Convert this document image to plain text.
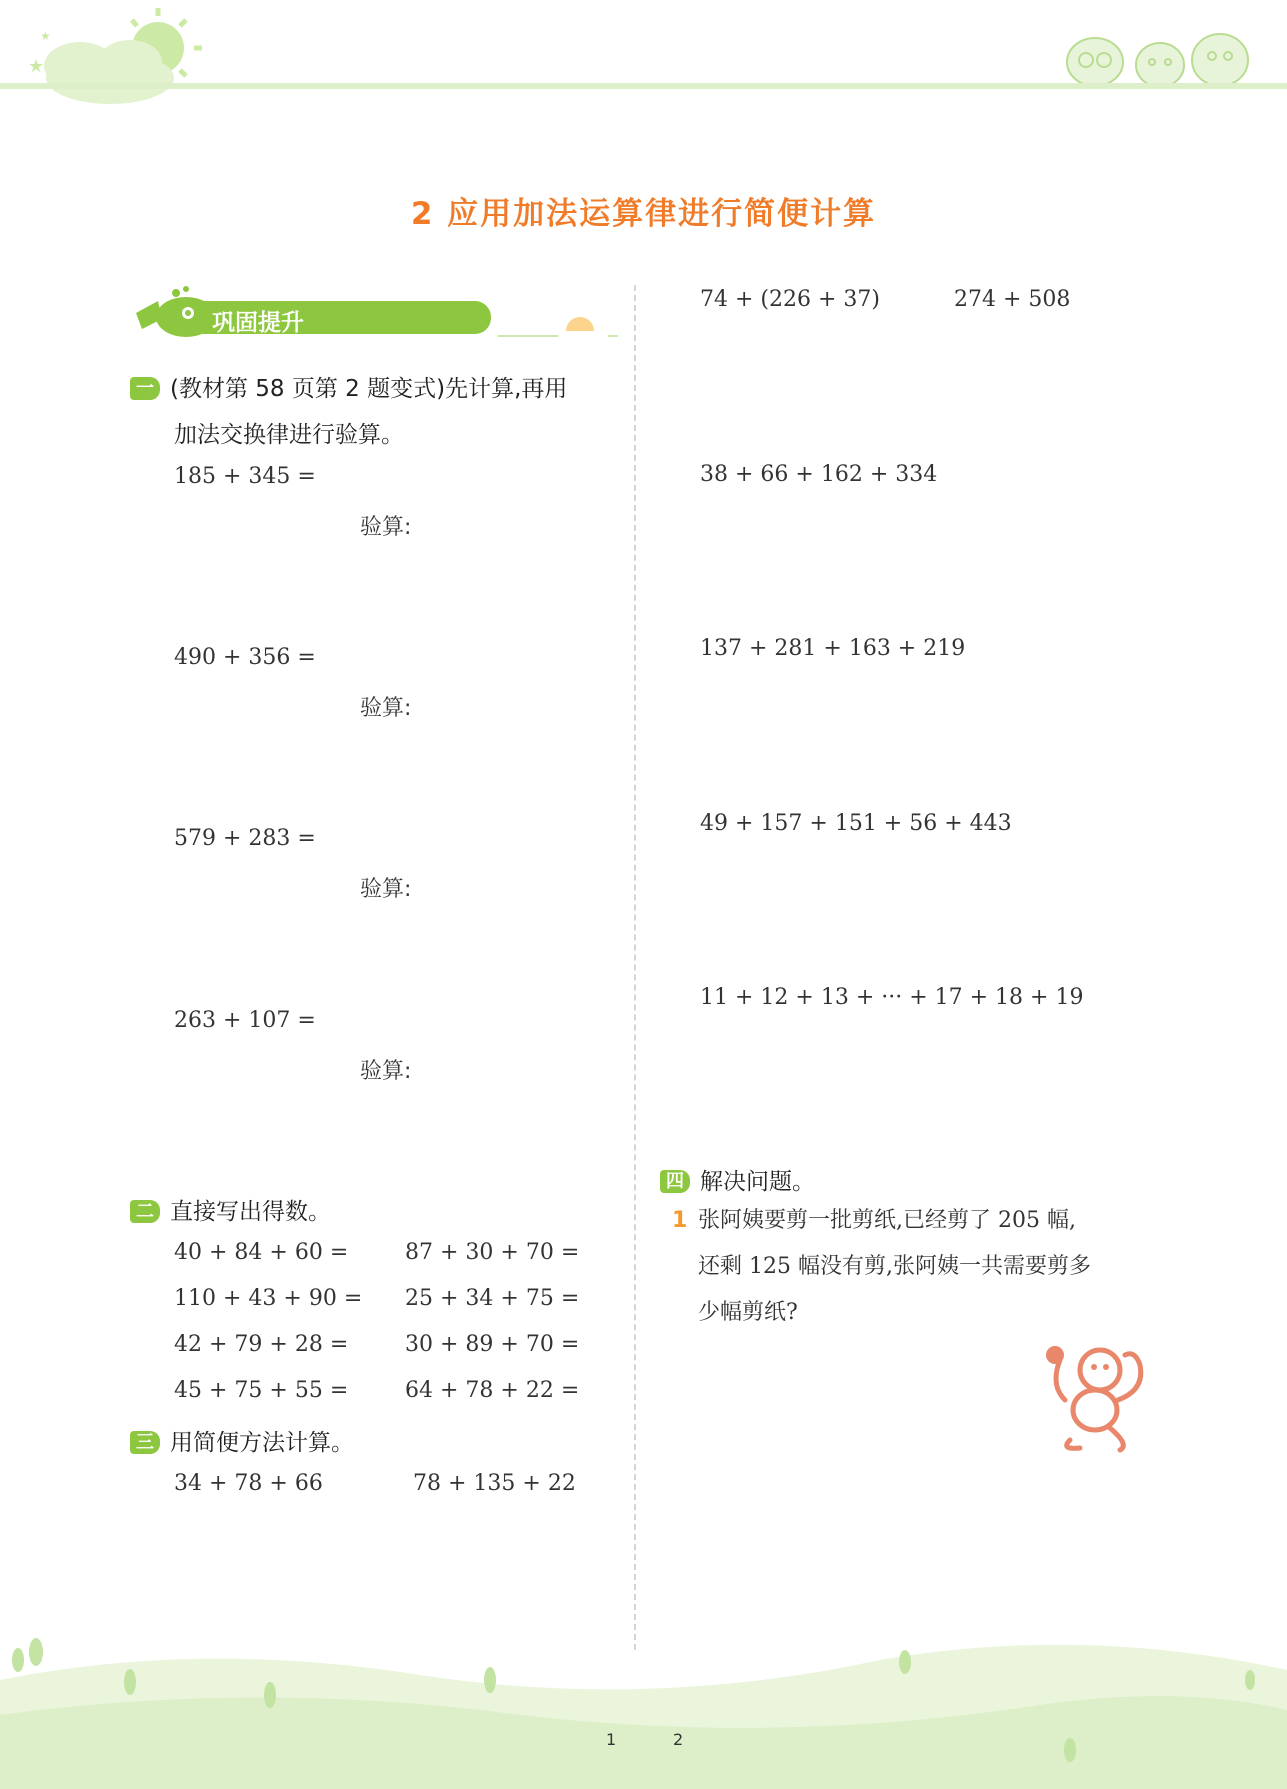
★
★
2 应用加法运算律进行简便计算
巩固提升
一 (教材第 58 页第 2 题变式)先计算,再用
加法交换律进行验算。
185 + 345 =
验算:
490 + 356 =
验算:
579 + 283 =
验算:
263 + 107 =
验算:
二 直接写出得数。
40 + 84 + 60 =	87 + 30 + 70 =
110 + 43 + 90 = 25 + 34 + 75 =
42 + 79 + 28 =	30 + 89 + 70 =
45 + 75 + 55 =	64 + 78 + 22 =
三 用简便方法计算。
34 + 78 + 66	78 + 135 + 22
74 + (226 + 37)	274 + 508
38 + 66 + 162 + 334
137 + 281 + 163 + 219
49 + 157 + 151 + 56 + 443
11 + 12 + 13 + ··· + 17 + 18 + 19
四 解决问题。
1 张阿姨要剪一批剪纸,已经剪了 205 幅,
还剩 125 幅没有剪,张阿姨一共需要剪多
少幅剪纸?
1	2
